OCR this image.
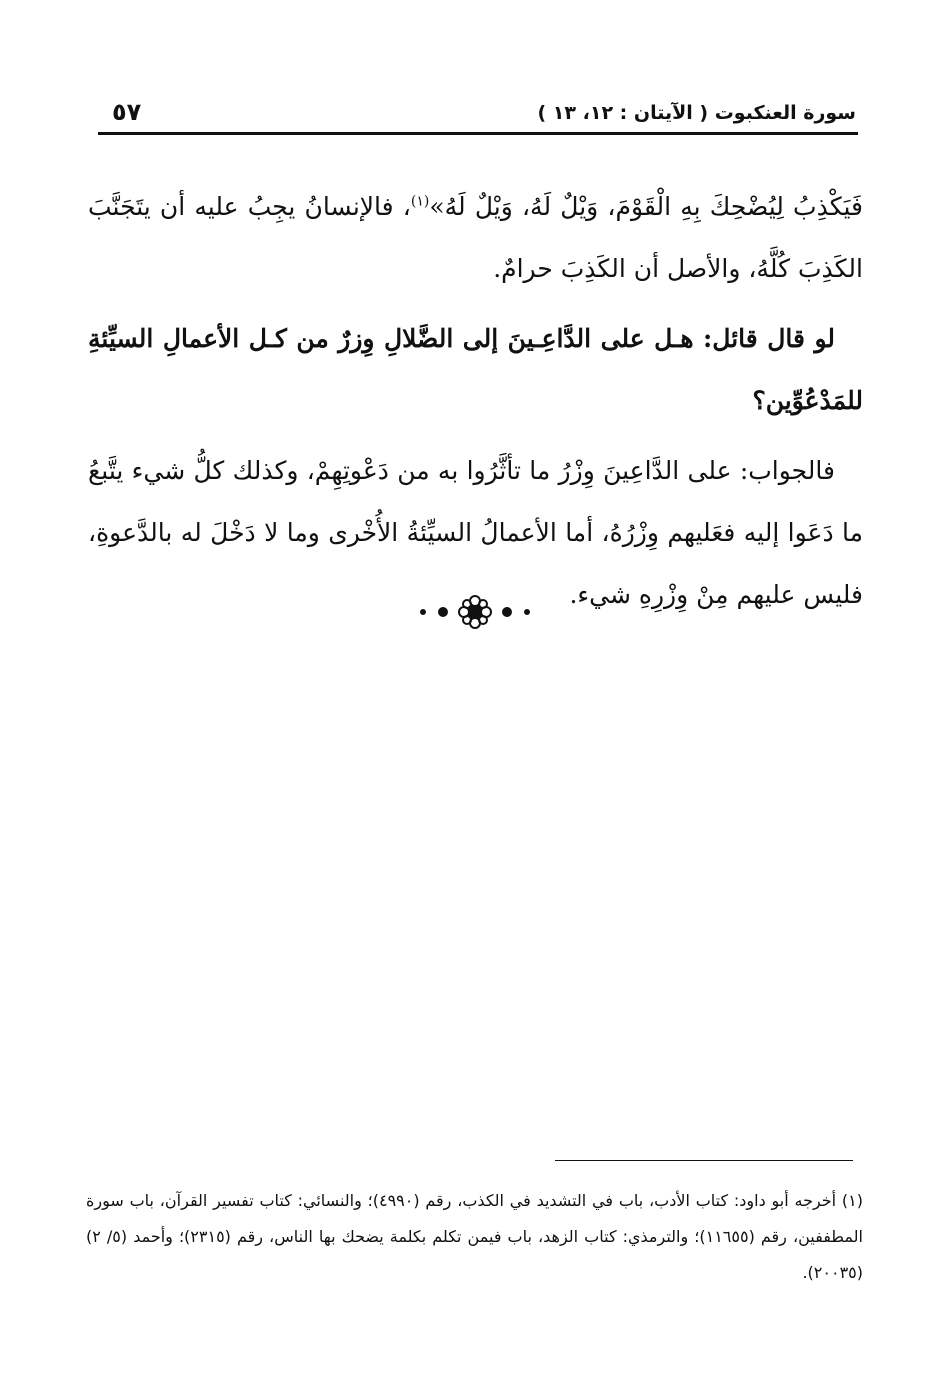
سورة العنكبوت ( الآيتان : ١٢، ١٣ )
٥٧

فَيَكْذِبُ لِيُضْحِكَ بِهِ الْقَوْمَ، وَيْلٌ لَهُ، وَيْلٌ لَهُ»$^{(١)}$، فالإنسانُ يجِبُ عليه أن يتَجَنَّبَ الكَذِبَ كُلَّهُ، والأصل أن الكَذِبَ حرامٌ.

لو قال قائل: هـل على الدَّاعِـينَ إلى الضَّلالِ وِزرٌ من كـل الأعمالِ السيِّئةِ للمَدْعُوِّين؟

فالجواب: على الدَّاعِينَ وِزْرُ ما تأثَّرُوا به من دَعْوتِهِمْ، وكذلك كلُّ شيء يتَّبعُ ما دَعَوا إليه فعَليهم وِزْرُهُ، أما الأعمالُ السيِّئةُ الأُخْرى وما لا دَخْلَ له بالدَّعوةِ، فليس عليهم مِنْ وِزْرِهِ شيء.

(١) أخرجه أبو داود: كتاب الأدب، باب في التشديد في الكذب، رقم (٤٩٩٠)؛ والنسائي: كتاب تفسير القرآن، باب سورة المطففين، رقم (١١٦٥٥)؛ والترمذي: كتاب الزهد، باب فيمن تكلم بكلمة يضحك بها الناس، رقم (٢٣١٥)؛ وأحمد (٥/ ٢) (٢٠٠٣٥).
